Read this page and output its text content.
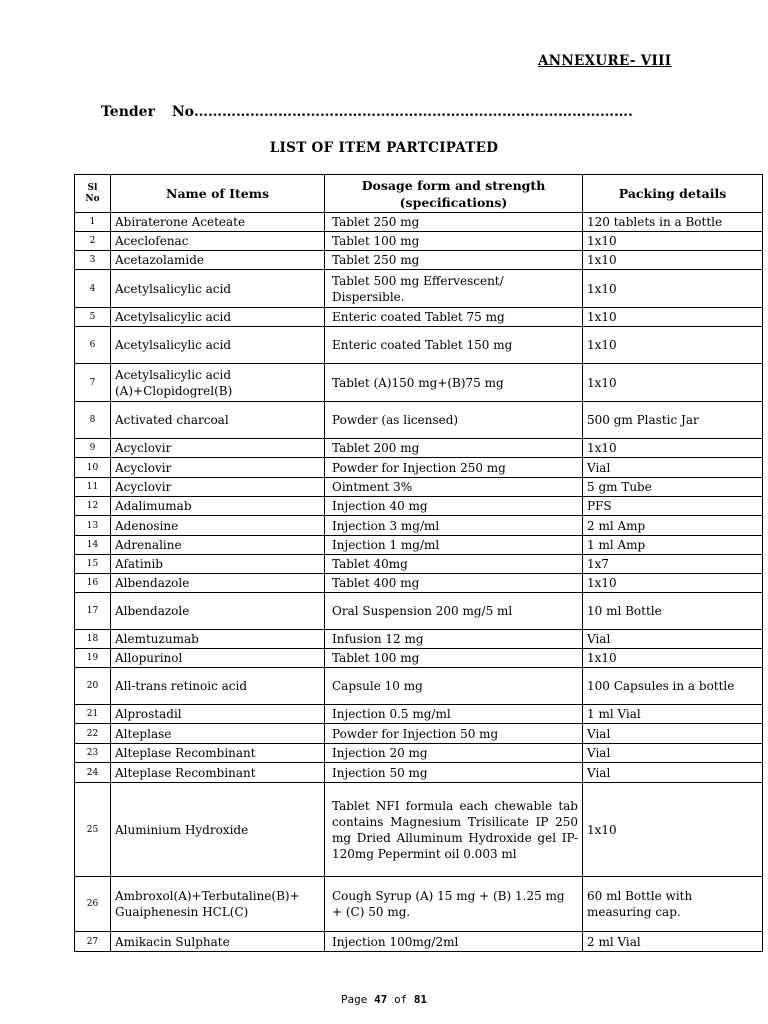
ANNEXURE- VIII
Tender No………………………………………………………………………………….
LIST OF ITEM PARTCIPATED
Sl No	Name of Items	Dosage form and strength (specifications)	Packing details
1	Abiraterone Aceteate	Tablet 250 mg	120 tablets in a Bottle
2	Aceclofenac	Tablet 100 mg	1x10
3	Acetazolamide	Tablet 250 mg	1x10
4	Acetylsalicylic acid	Tablet 500 mg Effervescent/ Dispersible.	1x10
5	Acetylsalicylic acid	Enteric coated Tablet 75 mg	1x10
6	Acetylsalicylic acid	Enteric coated Tablet 150 mg	1x10
7	Acetylsalicylic acid (A)+Clopidogrel(B)	Tablet (A)150 mg+(B)75 mg	1x10
8	Activated charcoal	Powder (as licensed)	500 gm Plastic Jar
9	Acyclovir	Tablet 200 mg	1x10
10	Acyclovir	Powder for Injection 250 mg	Vial
11	Acyclovir	Ointment 3%	5 gm Tube
12	Adalimumab	Injection 40 mg	PFS
13	Adenosine	Injection 3 mg/ml	2 ml Amp
14	Adrenaline	Injection 1 mg/ml	1 ml Amp
15	Afatinib	Tablet 40mg	1x7
16	Albendazole	Tablet 400 mg	1x10
17	Albendazole	Oral Suspension 200 mg/5 ml	10 ml Bottle
18	Alemtuzumab	Infusion 12 mg	Vial
19	Allopurinol	Tablet 100 mg	1x10
20	All-trans retinoic acid	Capsule 10 mg	100 Capsules in a bottle
21	Alprostadil	Injection 0.5 mg/ml	1 ml Vial
22	Alteplase	Powder for Injection 50 mg	Vial
23	Alteplase Recombinant	Injection 20 mg	Vial
24	Alteplase Recombinant	Injection 50 mg	Vial
25	Aluminium Hydroxide	Tablet NFI formula each chewable tab contains Magnesium Trisilicate IP 250 mg Dried Alluminum Hydroxide gel IP-120mg Pepermint oil 0.003 ml	1x10
26	Ambroxol(A)+Terbutaline(B)+ Guaiphenesin HCL(C)	Cough Syrup (A) 15 mg + (B) 1.25 mg + (C) 50 mg.	60 ml Bottle with measuring cap.
27	Amikacin Sulphate	Injection 100mg/2ml	2 ml Vial
Page 47 of 81
